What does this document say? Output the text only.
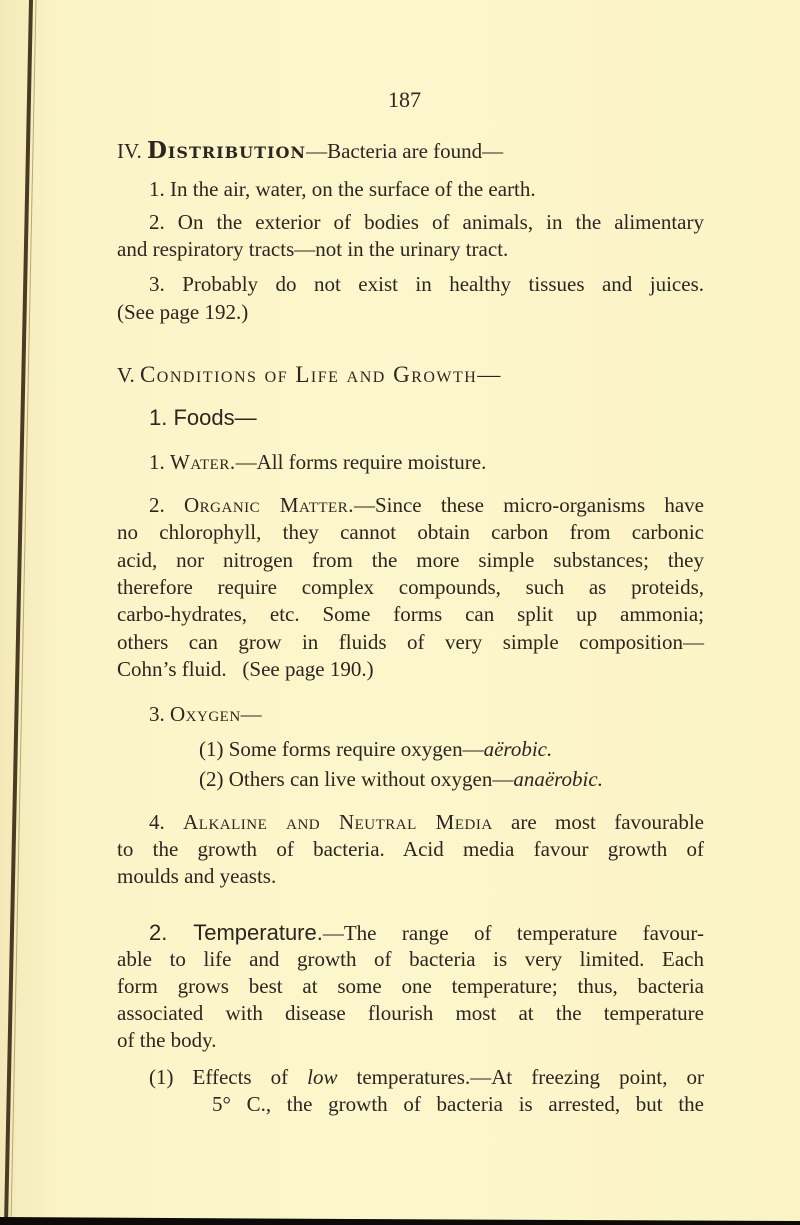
187
IV. Distribution—Bacteria are found—
1. In the air, water, on the surface of the earth.
2. On the exterior of bodies of animals, in the alimentary
and respiratory tracts—not in the urinary tract.
3. Probably do not exist in healthy tissues and juices.
(See page 192.)
V. Conditions of Life and Growth—
1. Foods—
1. Water.—All forms require moisture.
2. Organic Matter.—Since these micro-organisms have
no chlorophyll, they cannot obtain carbon from carbonic
acid, nor nitrogen from the more simple substances; they
therefore require complex compounds, such as proteids,
carbo-hydrates, etc. Some forms can split up ammonia;
others can grow in fluids of very simple composition—
Cohn’s fluid.   (See page 190.)
3. Oxygen—
(1) Some forms require oxygen—aërobic.
(2) Others can live without oxygen—anaërobic.
4. Alkaline and Neutral Media are most favourable
to the growth of bacteria. Acid media favour growth of
moulds and yeasts.
2. Temperature.—The range of temperature favour-
able to life and growth of bacteria is very limited. Each
form grows best at some one temperature; thus, bacteria
associated with disease flourish most at the temperature
of the body.
(1) Effects of low temperatures.—At freezing point, or
5° C., the growth of bacteria is arrested, but the
